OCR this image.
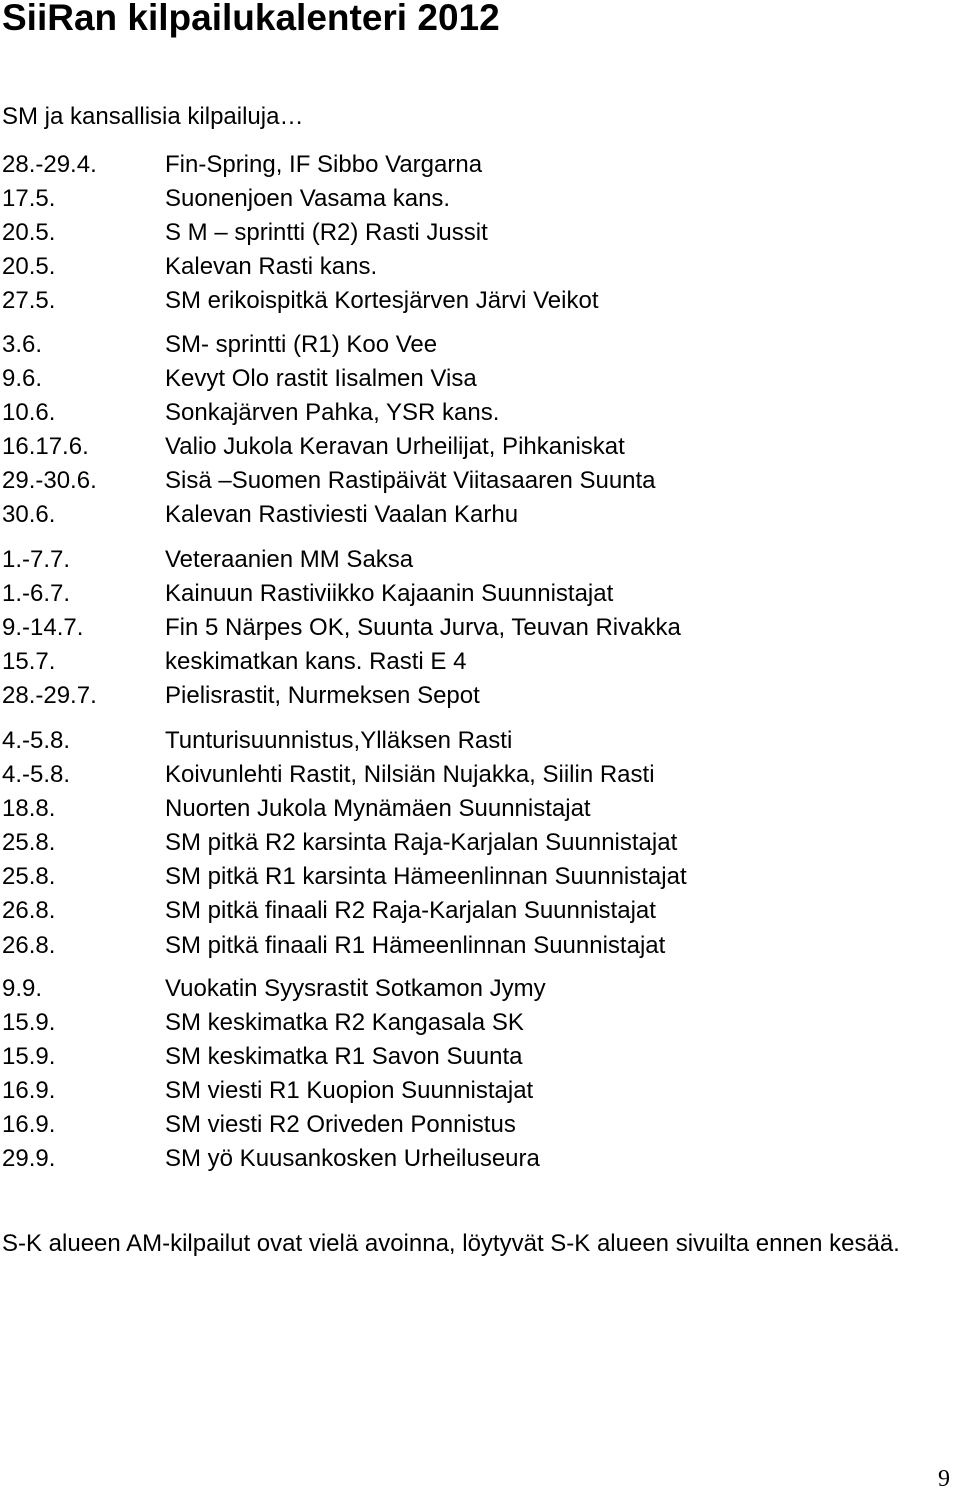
SiiRan kilpailukalenteri 2012
SM ja kansallisia kilpailuja…
28.-29.4.	Fin-Spring, IF Sibbo Vargarna
17.5.	Suonenjoen Vasama kans.
20.5.	S M – sprintti (R2) Rasti Jussit
20.5.	Kalevan Rasti kans.
27.5.	SM erikoispitkä Kortesjärven Järvi Veikot
3.6.	SM- sprintti (R1) Koo Vee
9.6.	Kevyt Olo rastit Iisalmen Visa
10.6.	Sonkajärven Pahka, YSR kans.
16.17.6.	Valio Jukola Keravan Urheilijat, Pihkaniskat
29.-30.6.	Sisä –Suomen Rastipäivät Viitasaaren Suunta
30.6.	Kalevan Rastiviesti Vaalan Karhu
1.-7.7.	Veteraanien MM Saksa
1.-6.7.	Kainuun Rastiviikko Kajaanin Suunnistajat
9.-14.7.	Fin 5 Närpes OK, Suunta Jurva, Teuvan Rivakka
15.7.	keskimatkan kans. Rasti E 4
28.-29.7.	Pielisrastit, Nurmeksen Sepot
4.-5.8.	Tunturisuunnistus,Ylläksen Rasti
4.-5.8.	Koivunlehti Rastit, Nilsiän Nujakka, Siilin Rasti
18.8.	Nuorten Jukola Mynämäen Suunnistajat
25.8.	SM pitkä R2 karsinta Raja-Karjalan Suunnistajat
25.8.	SM pitkä R1 karsinta Hämeenlinnan Suunnistajat
26.8.	SM pitkä finaali R2 Raja-Karjalan Suunnistajat
26.8.	SM pitkä finaali R1 Hämeenlinnan Suunnistajat
9.9.	Vuokatin Syysrastit Sotkamon Jymy
15.9.	SM keskimatka R2 Kangasala SK
15.9.	SM keskimatka R1 Savon Suunta
16.9.	SM viesti R1 Kuopion Suunnistajat
16.9.	SM viesti R2 Oriveden Ponnistus
29.9.	SM yö Kuusankosken Urheiluseura
S-K alueen AM-kilpailut ovat vielä avoinna, löytyvät S-K alueen sivuilta ennen kesää.
9
